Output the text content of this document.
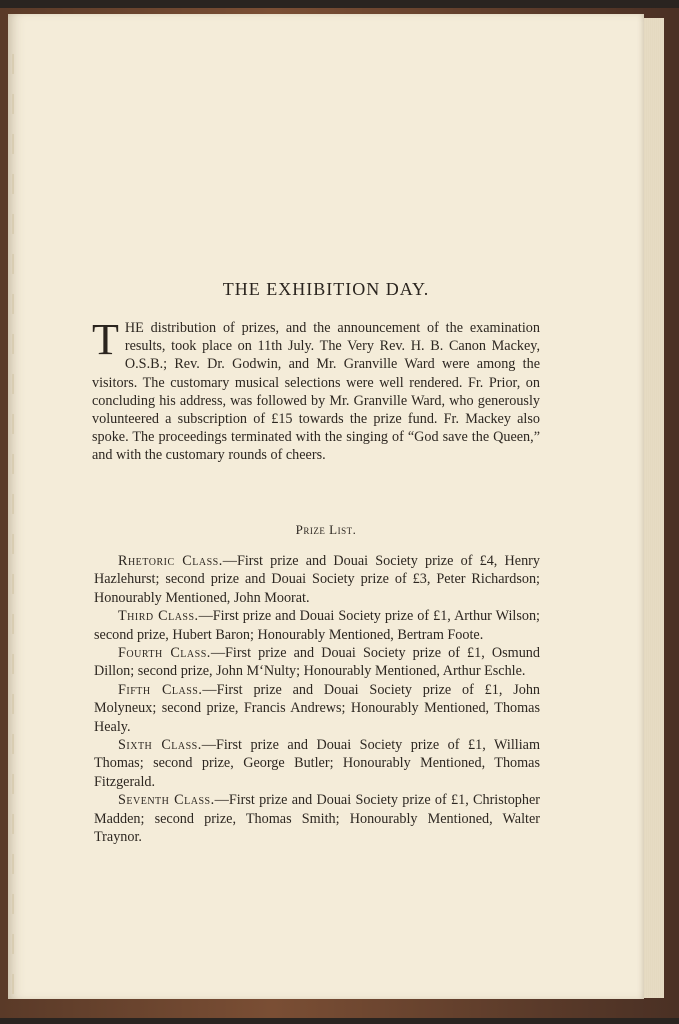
THE EXHIBITION DAY.

THE distribution of prizes, and the announcement of the examination results, took place on 11th July. The Very Rev. H. B. Canon Mackey, O.S.B.; Rev. Dr. Godwin, and Mr. Granville Ward were among the visitors. The customary musical selections were well rendered. Fr. Prior, on concluding his address, was followed by Mr. Granville Ward, who generously volunteered a subscription of £15 towards the prize fund. Fr. Mackey also spoke. The proceedings terminated with the singing of “God save the Queen,” and with the customary rounds of cheers.

Prize List.

Rhetoric Class.—First prize and Douai Society prize of £4, Henry Hazlehurst; second prize and Douai Society prize of £3, Peter Richardson; Honourably Mentioned, John Moorat.

Third Class.—First prize and Douai Society prize of £1, Arthur Wilson; second prize, Hubert Baron; Honourably Mentioned, Bertram Foote.

Fourth Class.—First prize and Douai Society prize of £1, Osmund Dillon; second prize, John M‘Nulty; Honourably Mentioned, Arthur Eschle.

Fifth Class.—First prize and Douai Society prize of £1, John Molyneux; second prize, Francis Andrews; Honourably Mentioned, Thomas Healy.

Sixth Class.—First prize and Douai Society prize of £1, William Thomas; second prize, George Butler; Honourably Mentioned, Thomas Fitzgerald.

Seventh Class.—First prize and Douai Society prize of £1, Christopher Madden; second prize, Thomas Smith; Honourably Mentioned, Walter Traynor.
